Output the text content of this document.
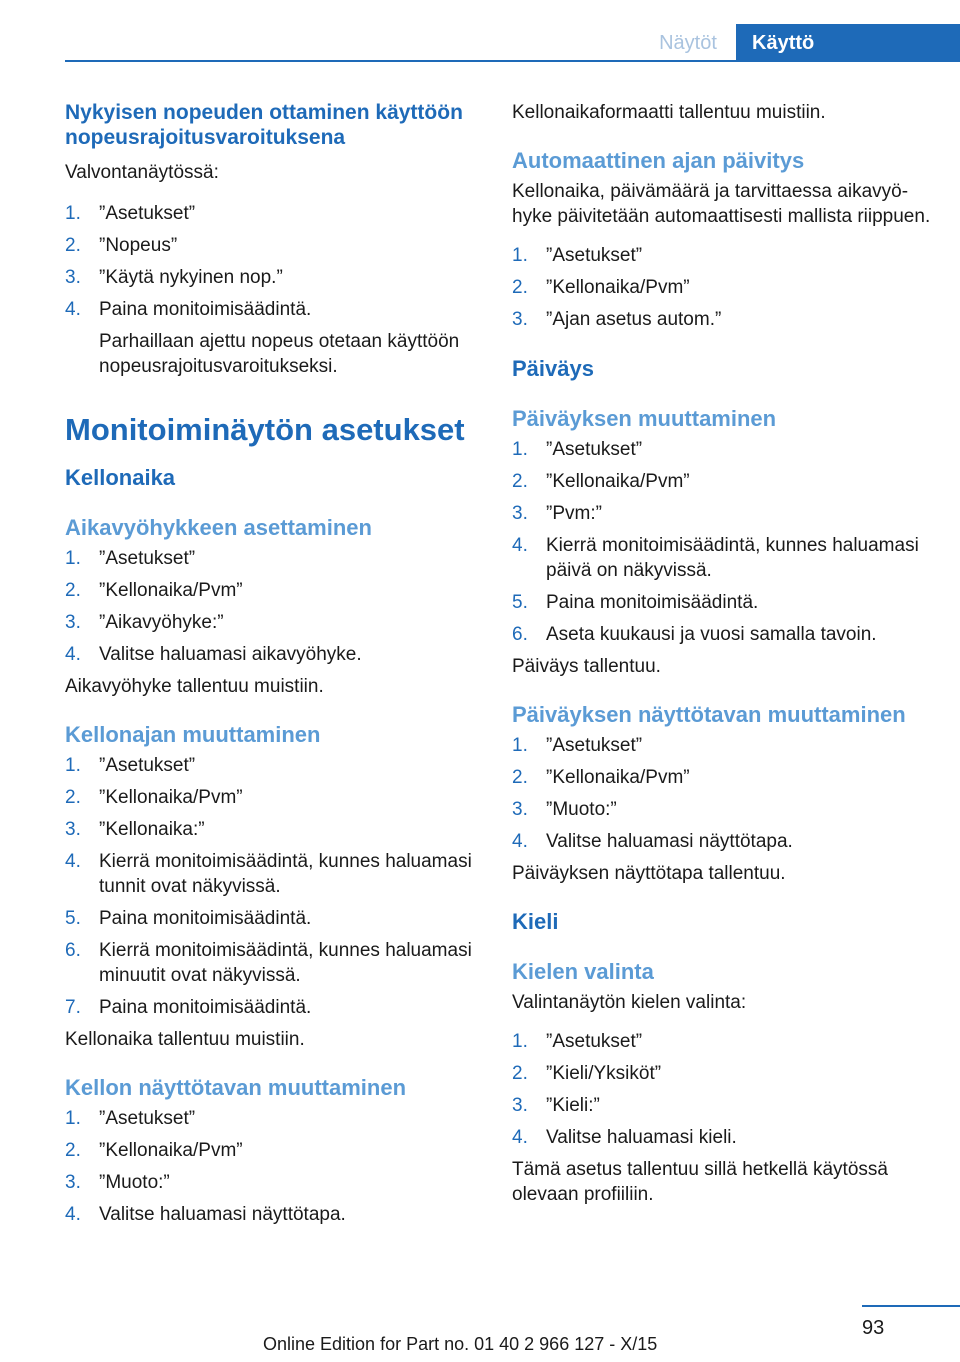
Näytöt	Käyttö
Nykyisen nopeuden ottaminen käyttöön nopeusrajoitusvaroituksena

Valvontanäytössä:

1. ”Asetukset”
2. ”Nopeus”
3. ”Käytä nykyinen nop.”
4. Paina monitoimisäädintä.
Parhaillaan ajettu nopeus otetaan käyttöön nopeusrajoitusvaroitukseksi.
Monitoiminäytön asetukset
Kellonaika
Aikavyöhykkeen asettaminen
1. ”Asetukset”
2. ”Kellonaika/Pvm”
3. ”Aikavyöhyke:”
4. Valitse haluamasi aikavyöhyke.

Aikavyöhyke tallentuu muistiin.

Kellonajan muuttaminen
1. ”Asetukset”
2. ”Kellonaika/Pvm”
3. ”Kellonaika:”
4. Kierrä monitoimisäädintä, kunnes haluamasi tunnit ovat näkyvissä.
5. Paina monitoimisäädintä.
6. Kierrä monitoimisäädintä, kunnes haluamasi minuutit ovat näkyvissä.
7. Paina monitoimisäädintä.

Kellonaika tallentuu muistiin.

Kellon näyttötavan muuttaminen
1. ”Asetukset”
2. ”Kellonaika/Pvm”
3. ”Muoto:”
4. Valitse haluamasi näyttötapa.

Kellonaikaformaatti tallentuu muistiin.

Automaattinen ajan päivitys

Kellonaika, päivämäärä ja tarvittaessa aikavyöhyke päivitetään automaattisesti mallista riippuen.

1. ”Asetukset”
2. ”Kellonaika/Pvm”
3. ”Ajan asetus autom.”
Päiväys
Päiväyksen muuttaminen
1. ”Asetukset”
2. ”Kellonaika/Pvm”
3. ”Pvm:”
4. Kierrä monitoimisäädintä, kunnes haluamasi päivä on näkyvissä.
5. Paina monitoimisäädintä.
6. Aseta kuukausi ja vuosi samalla tavoin.

Päiväys tallentuu.

Päiväyksen näyttötavan muuttaminen
1. ”Asetukset”
2. ”Kellonaika/Pvm”
3. ”Muoto:”
4. Valitse haluamasi näyttötapa.

Päiväyksen näyttötapa tallentuu.

Kieli
Kielen valinta

Valintanäytön kielen valinta:

1. ”Asetukset”
2. ”Kieli/Yksiköt”
3. ”Kieli:”
4. Valitse haluamasi kieli.

Tämä asetus tallentuu sillä hetkellä käytössä olevaan profiiliin.

93
Online Edition for Part no. 01 40 2 966 127 - X/15
